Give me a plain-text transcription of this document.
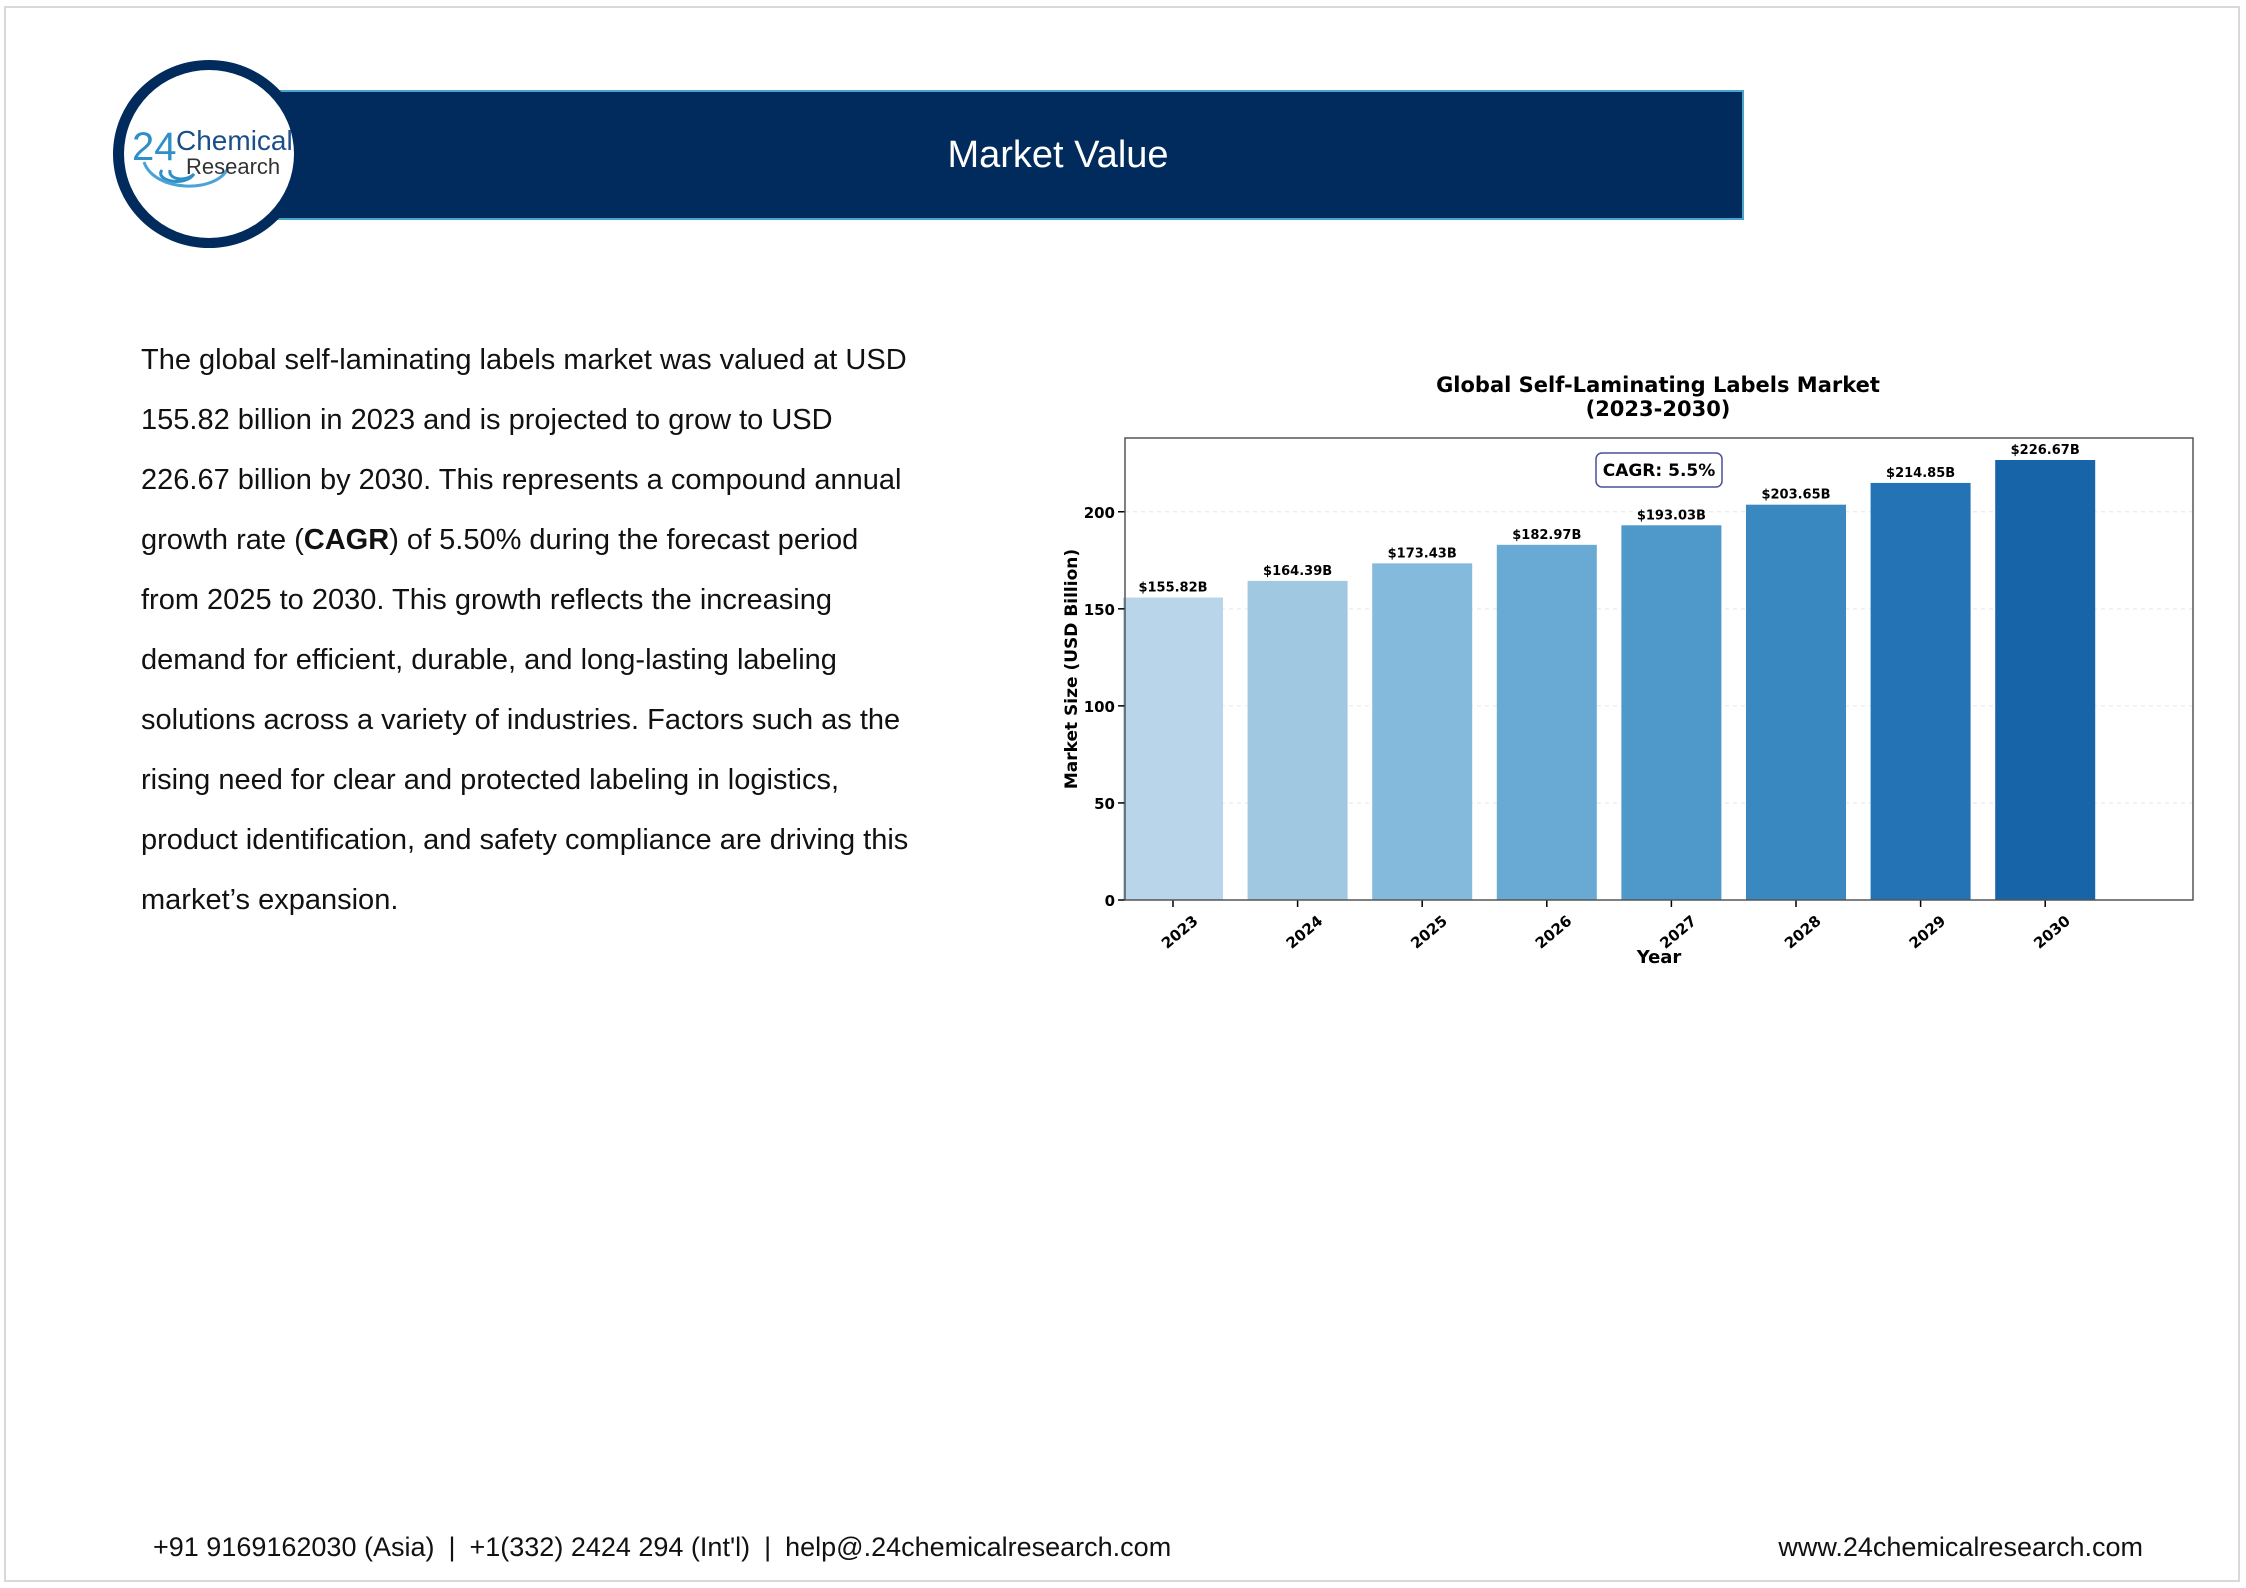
Market Value
24 Chemical
Research
The global self-laminating labels market was valued at USD 155.82 billion in 2023 and is projected to grow to USD 226.67 billion by 2030. This represents a compound annual growth rate (CAGR) of 5.50% during the forecast period from 2025 to 2030. This growth reflects the increasing demand for efficient, durable, and long-lasting labeling solutions across a variety of industries. Factors such as the rising need for clear and protected labeling in logistics, product identification, and safety compliance are driving this market’s expansion.
Global Self-Laminating Labels Market
(2023-2030)
$155.82B
$164.39B
$173.43B
$182.97B
$193.03B
$203.65B
$214.85B
$226.67B
0
50
100
150
200
2023	2024	2025	2026	2027	2028	2029	2030
CAGR: 5.5%
Year
Market Size (USD Billion)
+91 9169162030 (Asia) | +1(332) 2424 294 (Int'l) | help@.24chemicalresearch.com	www.24chemicalresearch.com
